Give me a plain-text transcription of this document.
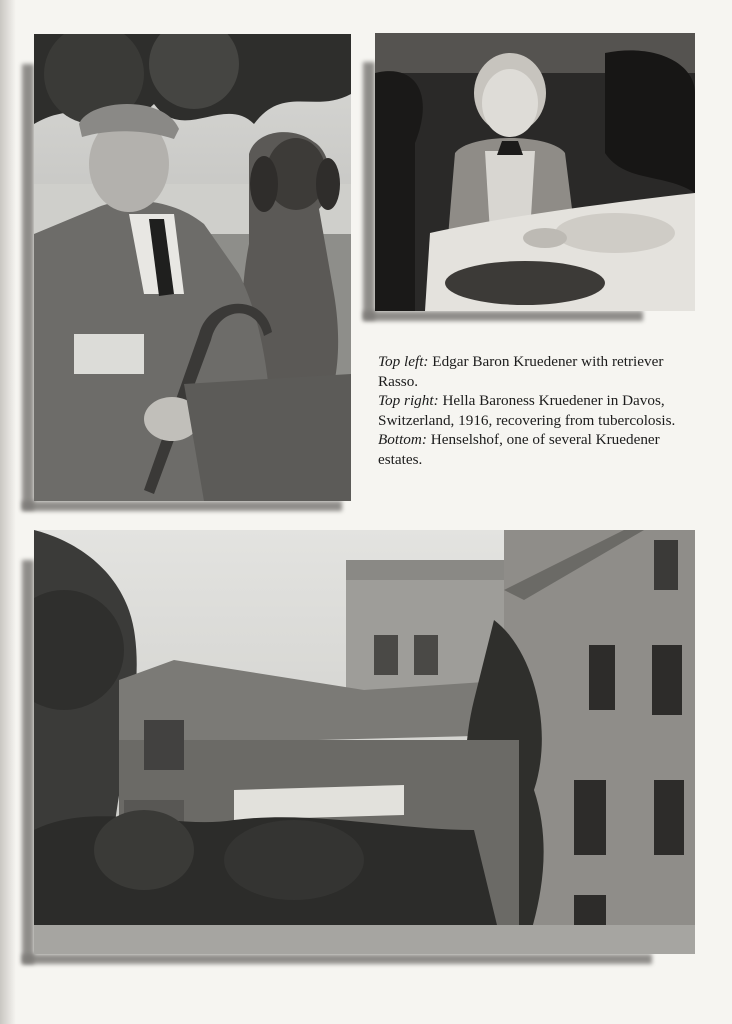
Top left: Edgar Baron Kruedener with retriever Rasso.

Top right: Hella Baroness Kruedener in Davos, Switzerland, 1916, recovering from tubercolosis.

Bottom: Henselshof, one of several Kruedener estates.
